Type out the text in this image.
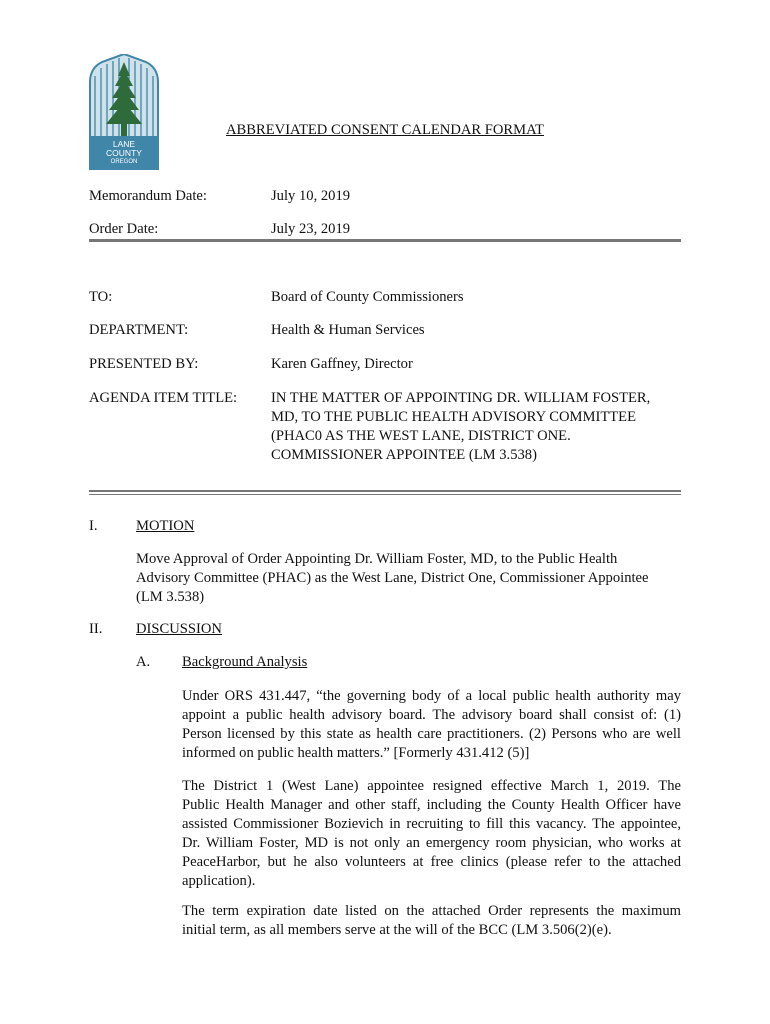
LANE
COUNTY
OREGON
ABBREVIATED CONSENT CALENDAR FORMAT
Memorandum Date:	July 10, 2019
Order Date:	July 23, 2019
TO:	Board of County Commissioners
DEPARTMENT:	Health & Human Services
PRESENTED BY:	Karen Gaffney, Director
AGENDA ITEM TITLE: IN THE MATTER OF APPOINTING DR. WILLIAM FOSTER,
MD, TO THE PUBLIC HEALTH ADVISORY COMMITTEE
(PHAC0 AS THE WEST LANE, DISTRICT ONE.
COMMISSIONER APPOINTEE (LM 3.538)
I.	MOTION
Move Approval of Order Appointing Dr. William Foster, MD, to the Public Health
Advisory Committee (PHAC) as the West Lane, District One, Commissioner Appointee
(LM 3.538)
II. DISCUSSION
A. Background Analysis
Under ORS 431.447, “the governing body of a local public health authority may
appoint a public health advisory board. The advisory board shall consist of: (1)
Person licensed by this state as health care practitioners. (2) Persons who are well
informed on public health matters.” [Formerly 431.412 (5)]
The District 1 (West Lane) appointee resigned effective March 1, 2019. The
Public Health Manager and other staff, including the County Health Officer have
assisted Commissioner Bozievich in recruiting to fill this vacancy. The appointee,
Dr. William Foster, MD is not only an emergency room physician, who works at
PeaceHarbor, but he also volunteers at free clinics (please refer to the attached
application).
The term expiration date listed on the attached Order represents the maximum
initial term, as all members serve at the will of the BCC (LM 3.506(2)(e).
